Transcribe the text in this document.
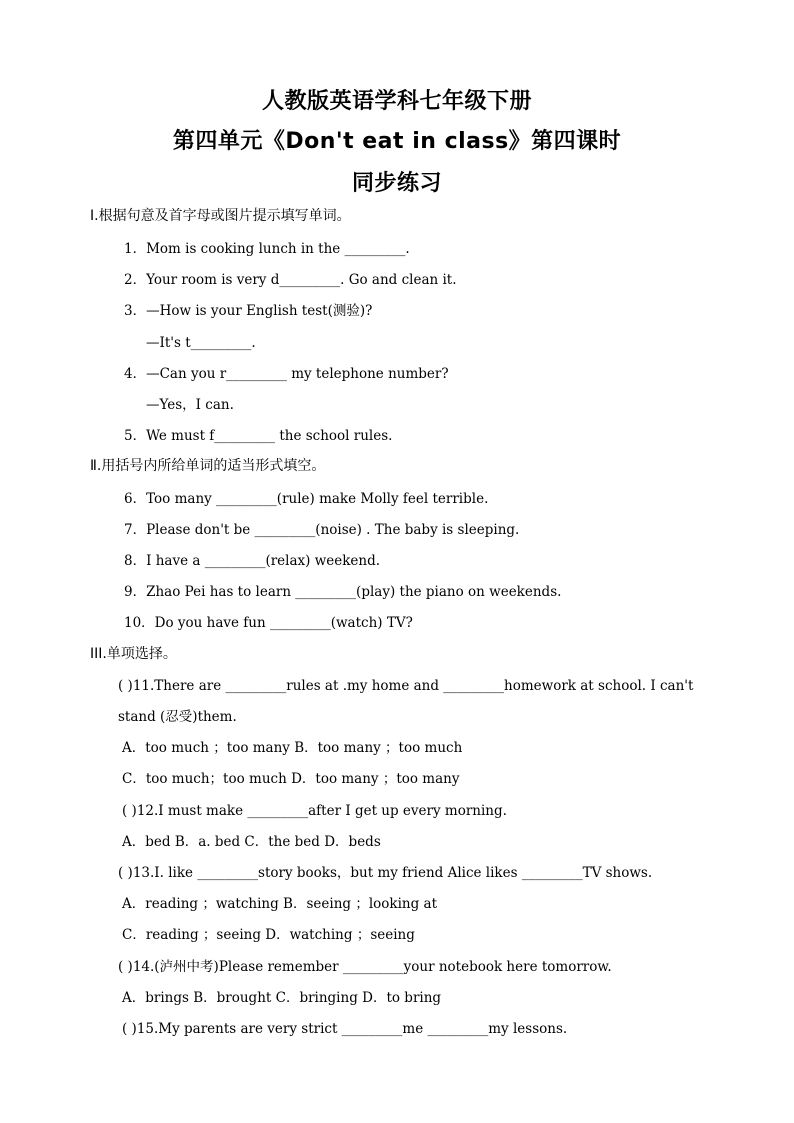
人教版英语学科七年级下册
第四单元《Don't eat in class》第四课时
同步练习
Ⅰ.根据句意及首字母或图片提示填写单词。
1．Mom is cooking lunch in the _________.
2．Your room is very d_________. Go and clean it.
3．—How is your English test(测验)?
—It's t_________.
4．—Can you r_________ my telephone number?
—Yes，I can.
5．We must f_________ the school rules.
Ⅱ.用括号内所给单词的适当形式填空。
6．Too many _________(rule) make Molly feel terrible.
7．Please don't be _________(noise) . The baby is sleeping.
8．I have a _________(relax) weekend.
9．Zhao Pei has to learn _________(play) the piano on weekends.
10．Do you have fun _________(watch) TV?
III.单项选择。
( )11.There are _________rules at .my home and _________homework at school. I can't
stand (忍受)them.
A．too much ；too many B．too many ；too much
C．too much；too much D．too many ；too many
( )12.I must make _________after I get up every morning.
A．bed B．a. bed C．the bed D．beds
( )13.I. like _________story books，but my friend Alice likes _________TV shows.
A．reading ；watching B．seeing ；looking at
C．reading ；seeing D．watching ；seeing
( )14.(泸州中考)Please remember _________your notebook here tomorrow.
A．brings B．brought C．bringing D．to bring
( )15.My parents are very strict _________me _________my lessons.
